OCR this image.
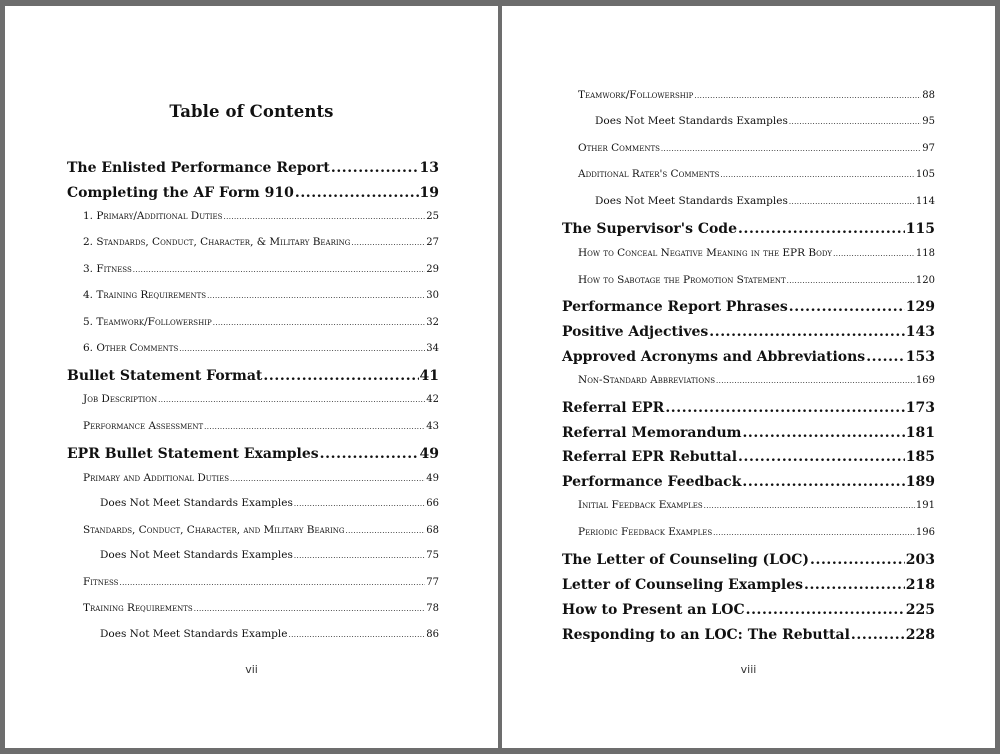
Table of Contents
The Enlisted Performance Report .....	13
Completing the AF Form 910 .....	19
1. Primary/Additional Duties .....	25
2. Standards, Conduct, Character, & Military Bearing .....	27
3. Fitness .....	29
4. Training Requirements .....	30
5. Teamwork/Followership .....	32
6. Other Comments .....	34
Bullet Statement Format .....	41
Job Description .....	42
Performance Assessment .....	43
EPR Bullet Statement Examples .....	49
Primary and Additional Duties .....	49
Does Not Meet Standards Examples .....	66
Standards, Conduct, Character, and Military Bearing .....	68
Does Not Meet Standards Examples .....	75
Fitness .....	77
Training Requirements .....	78
Does Not Meet Standards Example .....	86
vii
Teamwork/Followership .....	88
Does Not Meet Standards Examples .....	95
Other Comments .....	97
Additional Rater's Comments .....	105
Does Not Meet Standards Examples .....	114
The Supervisor's Code .....	115
How to Conceal Negative Meaning in the EPR Body .....	118
How to Sabotage the Promotion Statement .....	120
Performance Report Phrases .....	129
Positive Adjectives .....	143
Approved Acronyms and Abbreviations .....	153
Non-Standard Abbreviations .....	169
Referral EPR .....	173
Referral Memorandum .....	181
Referral EPR Rebuttal .....	185
Performance Feedback .....	189
Initial Feedback Examples .....	191
Periodic Feedback Examples .....	196
The Letter of Counseling (LOC) .....	203
Letter of Counseling Examples .....	218
How to Present an LOC .....	225
Responding to an LOC: The Rebuttal .....	228
viii
